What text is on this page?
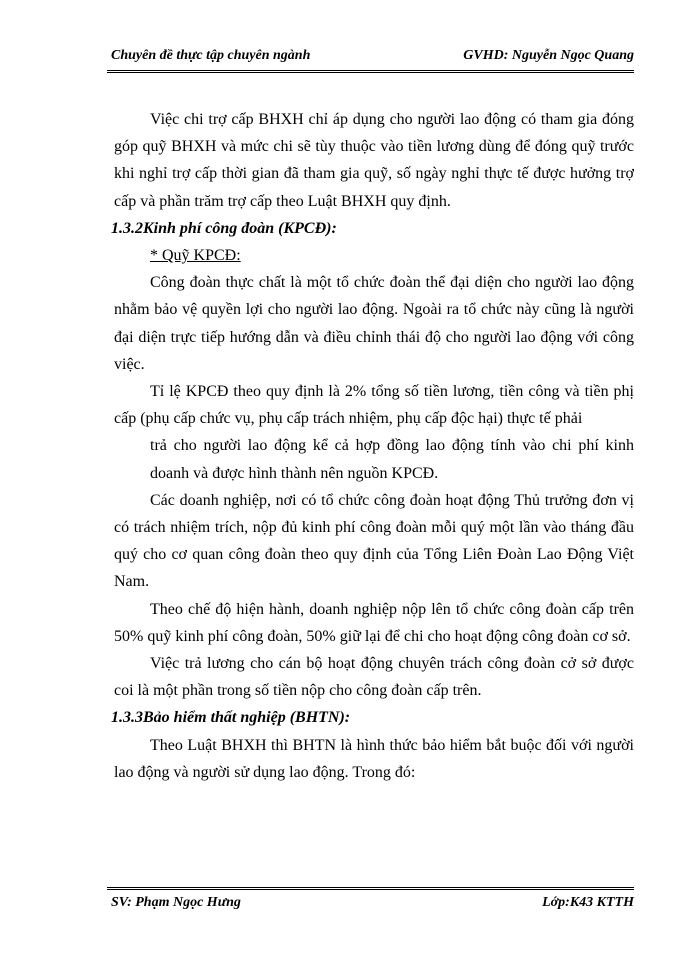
Chuyên đề thực tập chuyên ngành	GVHD: Nguyễn Ngọc Quang

Việc chi trợ cấp BHXH chỉ áp dụng cho người lao động có tham gia đóng góp quỹ BHXH và mức chi sẽ tùy thuộc vào tiền lương dùng để đóng quỹ trước khi nghỉ trợ cấp thời gian đã tham gia quỹ, số ngày nghỉ thực tế được hưởng trợ cấp và phần trăm trợ cấp theo Luật BHXH quy định.

1.3.2Kinh phí công đoàn (KPCĐ):

* Quỹ KPCĐ:

Công đoàn thực chất là một tổ chức đoàn thể đại diện cho người lao động nhằm bảo vệ quyền lợi cho người lao động. Ngoài ra tổ chức này cũng là người đại diện trực tiếp hướng dẫn và điều chỉnh thái độ cho người lao động với công việc.

Tỉ lệ KPCĐ theo quy định là 2% tổng số tiền lương, tiền công và tiền phị cấp (phụ cấp chức vụ, phụ cấp trách nhiệm, phụ cấp độc hại) thực tế phải

trả cho người lao động kể cả hợp đồng lao động tính vào chi phí kinh doanh và được hình thành nên nguồn KPCĐ.

Các doanh nghiệp, nơi có tổ chức công đoàn hoạt động Thủ trưởng đơn vị có trách nhiệm trích, nộp đủ kinh phí công đoàn mỗi quý một lần vào tháng đầu quý cho cơ quan công đoàn theo quy định của Tổng Liên Đoàn Lao Động Việt Nam.

Theo chế độ hiện hành, doanh nghiệp nộp lên tổ chức công đoàn cấp trên 50% quỹ kinh phí công đoàn, 50% giữ lại để chi cho hoạt động công đoàn cơ sở.

Việc trả lương cho cán bộ hoạt động chuyên trách công đoàn cở sở được coi là một phần trong số tiền nộp cho công đoàn cấp trên.

1.3.3Bảo hiểm thất nghiệp (BHTN):

Theo Luật BHXH thì BHTN là hình thức bảo hiểm bắt buộc đối với người lao động và người sử dụng lao động. Trong đó:

SV: Phạm Ngọc Hưng	Lớp:K43 KTTH
